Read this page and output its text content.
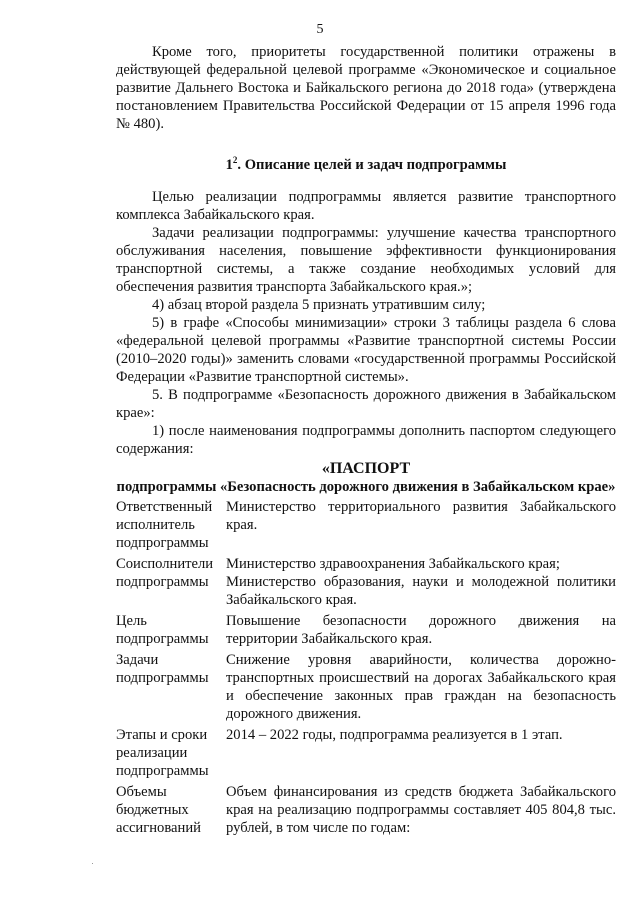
5

Кроме того, приоритеты государственной политики отражены в действующей федеральной целевой программе «Экономическое и социальное развитие Дальнего Востока и Байкальского региона до 2018 года» (утверждена постановлением Правительства Российской Федерации от 15 апреля 1996 года № 480).

$1^2$. Описание целей и задач подпрограммы

Целью реализации подпрограммы является развитие транспортного комплекса Забайкальского края.

Задачи реализации подпрограммы: улучшение качества транспортного обслуживания населения, повышение эффективности функционирования транспортной системы, а также создание необходимых условий для обеспечения развития транспорта Забайкальского края.»;

4) абзац второй раздела 5 признать утратившим силу;

5) в графе «Способы минимизации» строки 3 таблицы раздела 6 слова «федеральной целевой программы «Развитие транспортной системы России (2010–2020 годы)» заменить словами «государственной программы Российской Федерации «Развитие транспортной системы».

5. В подпрограмме «Безопасность дорожного движения в Забайкальском крае»:

1) после наименования подпрограммы дополнить паспортом следующего содержания:

«ПАСПОРТ

подпрограммы «Безопасность дорожного движения в Забайкальском крае»

Ответственный исполнитель подпрограммы	Министерство территориального развития Забайкальского края.

Соисполнители подпрограммы	Министерство здравоохранения Забайкальского края;

Министерство образования, науки и молодежной политики Забайкальского края.

Цель подпрограммы	Повышение безопасности дорожного движения на территории Забайкальского края.

Задачи подпрограммы	Снижение уровня аварийности, количества дорожно-транспортных происшествий на дорогах Забайкальского края и обеспечение законных прав граждан на безопасность дорожного движения.

Этапы и сроки реализации подпрограммы	2014 – 2022 годы, подпрограмма реализуется в 1 этап.

Объемы бюджетных ассигнований	Объем финансирования из средств бюджета Забайкальского края на реализацию подпрограммы составляет 405 804,8 тыс. рублей, в том числе по годам:
